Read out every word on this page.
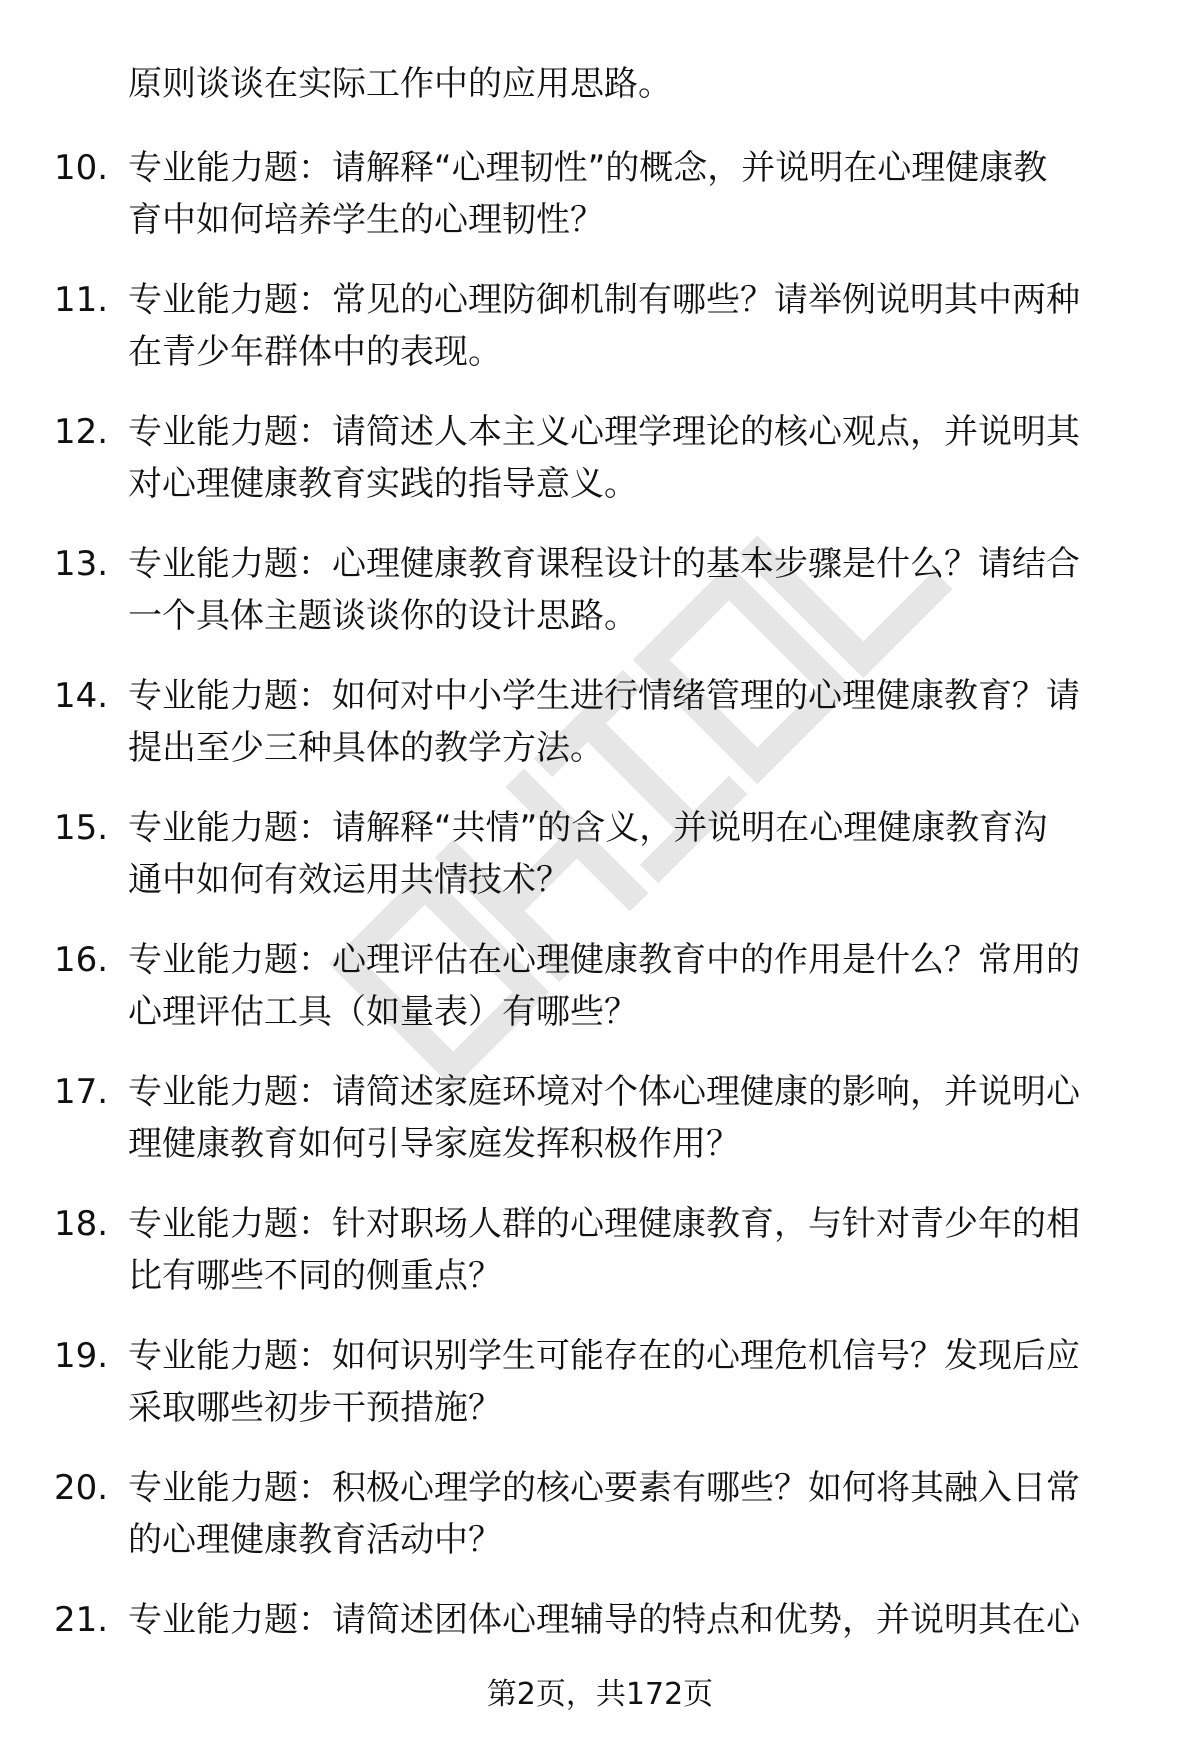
原则谈谈在实际工作中的应用思路。
10. 专业能力题：请解释“心理韧性”的概念，并说明在心理健康教
育中如何培养学生的心理韧性？
11. 专业能力题：常见的心理防御机制有哪些？请举例说明其中两种
在青少年群体中的表现。
12. 专业能力题：请简述人本主义心理学理论的核心观点，并说明其
对心理健康教育实践的指导意义。
13. 专业能力题：心理健康教育课程设计的基本步骤是什么？请结合
一个具体主题谈谈你的设计思路。
14. 专业能力题：如何对中小学生进行情绪管理的心理健康教育？请
提出至少三种具体的教学方法。
15. 专业能力题：请解释“共情”的含义，并说明在心理健康教育沟
通中如何有效运用共情技术？
16. 专业能力题：心理评估在心理健康教育中的作用是什么？常用的
心理评估工具（如量表）有哪些？
17. 专业能力题：请简述家庭环境对个体心理健康的影响，并说明心
理健康教育如何引导家庭发挥积极作用？
18. 专业能力题：针对职场人群的心理健康教育，与针对青少年的相
比有哪些不同的侧重点？
19. 专业能力题：如何识别学生可能存在的心理危机信号？发现后应
采取哪些初步干预措施？
20. 专业能力题：积极心理学的核心要素有哪些？如何将其融入日常
的心理健康教育活动中？
21. 专业能力题：请简述团体心理辅导的特点和优势，并说明其在心
第2页，共172页
